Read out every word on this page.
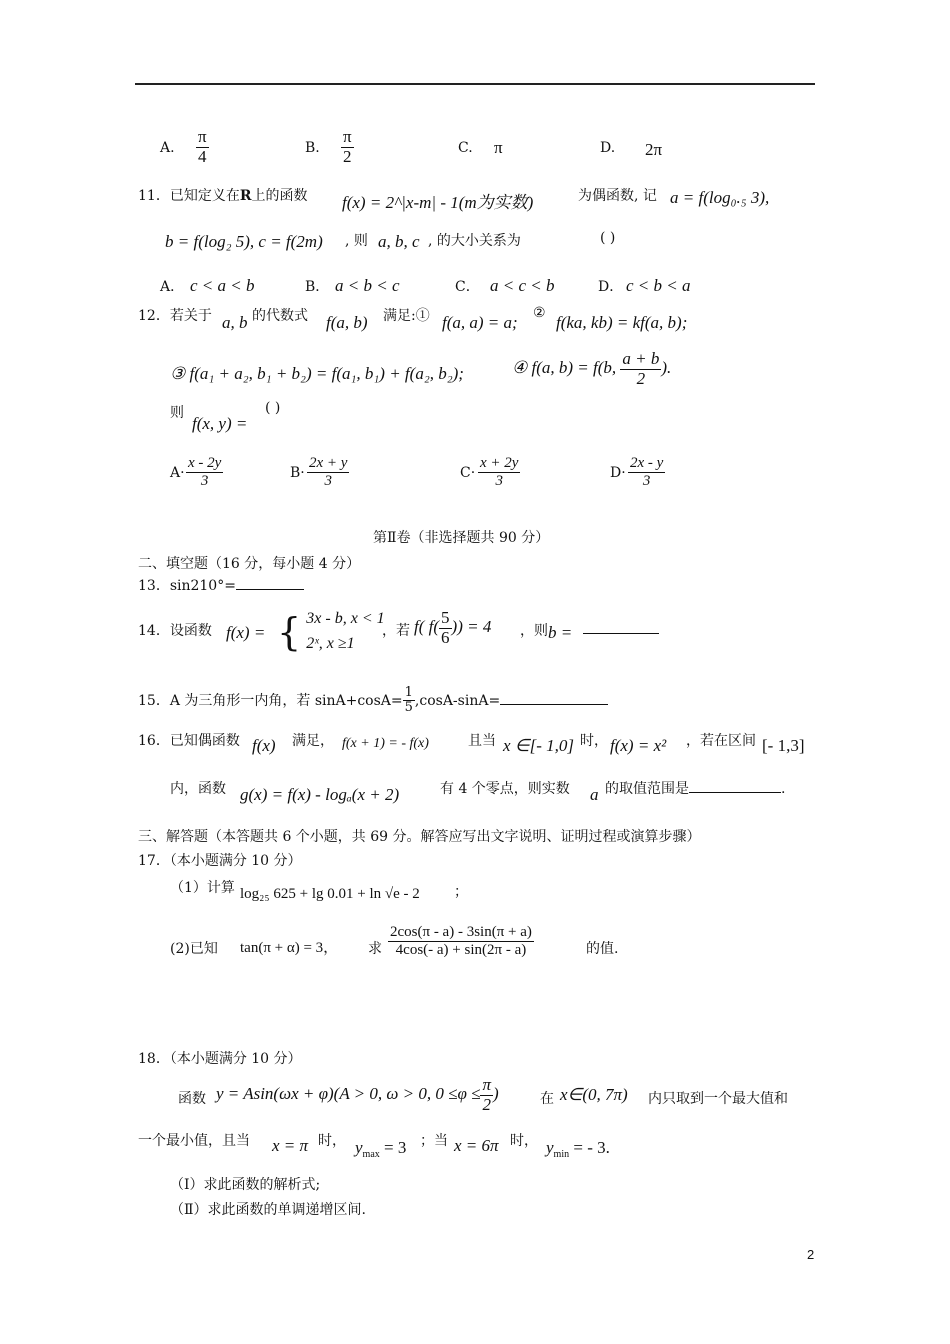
A. $\frac{\pi}{4}$	B. $\frac{\pi}{2}$	C. π	D. 2π
11．已知定义在R上的函数 f(x) = 2^|x-m| - 1(m为实数)	为偶函数, 记 a = f(log₀.₅ 3),
b = f(log₂ 5), c = f(2m) , 则 a, b, c , 的大小关系为	( )
A． c < a < b	B． a < b < c	C． a < c < b	D． c < b < a
12．若关于 a, b 的代数式 f(a, b) 满足:① f(a, a) = a; ② f(ka, kb) = kf(a, b);
③ f(a₁ + a₂, b₁ + b₂) = f(a₁, b₁) + f(a₂, b₂);	④ f(a, b) = f(b, $\frac{a + b}{2}$ ).
则
f(x, y) =
( )
$A\cdot \frac{x - 2y}{3}$	$B\cdot \frac{2x + y}{3}$	$C\cdot \frac{x + 2y}{3}$	$D\cdot \frac{2x - y}{3}$
第Ⅱ卷（非选择题共 90 分）
二、填空题（16 分，每小题 4 分）
13．sin210°=
14．设函数 f(x) = { 3x - b, x < 1
2ˣ, x ≥1
，若 f( $f( \frac{5}{6}$ )) = 4 ，则 b =
15．A 为三角形一内角，若 $\sin A+\cos A= \frac{1}{5} ,\cos A-\sin A=$
16．已知偶函数 f(x) 满足， f(x + 1) = - f(x)	且当 x ∈[- 1,0] 时， f(x) = x² ，若在区间 [- 1,3]
内，函数 g(x) = f(x) - logₐ(x + 2)	有 4 个零点，则实数 a 的取值范围是	.
三、解答题（本答题共 6 个小题，共 69 分。解答应写出文字说明、证明过程或演算步骤）
17．（本小题满分 10 分）
（1）计算 log₂₅ 625 + lg 0.01 + ln √e - 2 ；
(2)已知 tan(π + α) = 3， 求 $\frac{2\cos(\pi - a) - 3\sin(\pi + a)}{4\cos(- a) + \sin(2\pi - a)}$	的值.
18．（本小题满分 10 分）
函数 y = Asin(ωx + φ)(A > 0, ω > 0, $0 \le\varphi \le \frac{\pi}{2}$ )	在 x∈(0, 7π) 内只取到一个最大值和
一个最小值，且当 x = π 时， $y_{max} = 3$ ；当 x = 6π 时， $y_{min}$ = - 3.
（Ⅰ）求此函数的解析式;
（Ⅱ）求此函数的单调递增区间.
2
